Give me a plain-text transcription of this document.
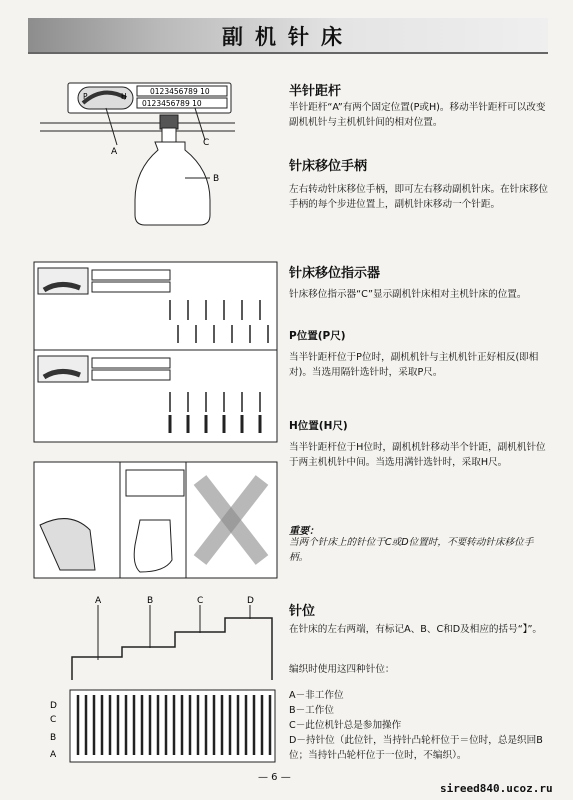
副机针床
P	H
0123456789 10
0123456789 10
A
C
B
A	B	C	D
D
C
B
A
半针距杆
半针距杆“A”有两个固定位置(P或H)。移动半针距杆可以改变副机机针与主机机针间的相对位置。
针床移位手柄
左右转动针床移位手柄，即可左右移动副机针床。在针床移位手柄的每个步进位置上，副机针床移动一个针距。
针床移位指示器
针床移位指示器“C”显示副机针床相对主机针床的位置。
P位置(P尺)
当半针距杆位于P位时，副机机针与主机机针正好相反(即相对)。当选用隔针选针时，采取P尺。
H位置(H尺)
当半针距杆位于H位时，副机机针移动半个针距，副机机针位于两主机机针中间。当选用满针选针时，采取H尺。
重要：
当两个针床上的针位于C或D位置时，不要转动针床移位手柄。
针位
在针床的左右两端，有标记A、B、C和D及相应的括号“】”。
编织时使用这四种针位：
A－非工作位
B－工作位
C－此位机针总是参加操作
D－持针位（此位针，当持针凸轮杆位于＝位时，总是织回B位；当持针凸轮杆位于一位时，不编织）。
— 6 —
sireed840.ucoz.ru
